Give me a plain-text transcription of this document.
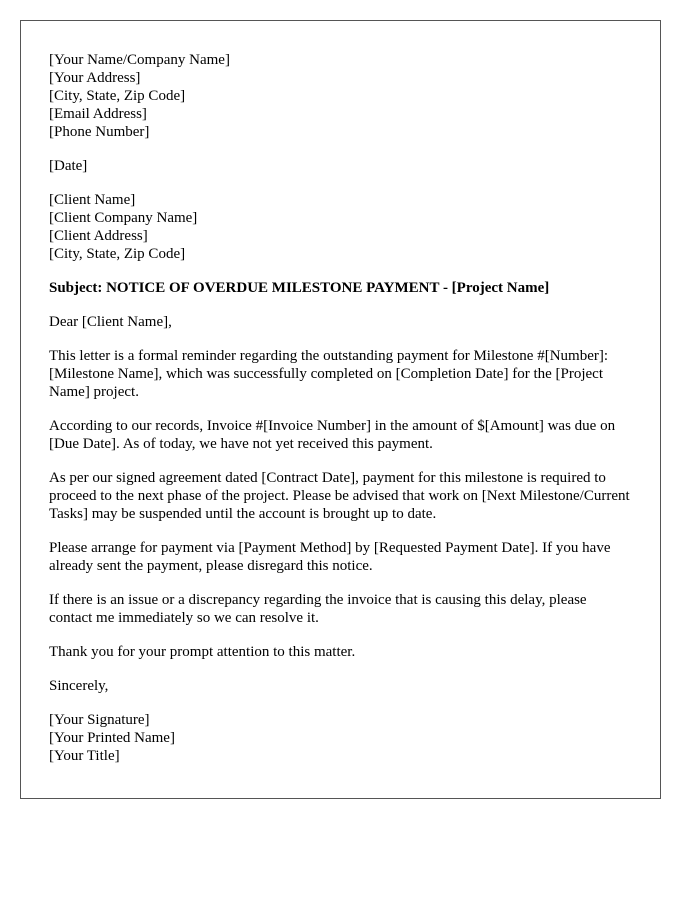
[Your Name/Company Name]
[Your Address]
[City, State, Zip Code]
[Email Address]
[Phone Number]
[Date]
[Client Name]
[Client Company Name]
[Client Address]
[City, State, Zip Code]

Subject: NOTICE OF OVERDUE MILESTONE PAYMENT - [Project Name]

Dear [Client Name],

This letter is a formal reminder regarding the outstanding payment for Milestone #[Number]: [Milestone Name], which was successfully completed on [Completion Date] for the [Project Name] project.

According to our records, Invoice #[Invoice Number] in the amount of $[Amount] was due on [Due Date]. As of today, we have not yet received this payment.

As per our signed agreement dated [Contract Date], payment for this milestone is required to proceed to the next phase of the project. Please be advised that work on [Next Milestone/Current Tasks] may be suspended until the account is brought up to date.

Please arrange for payment via [Payment Method] by [Requested Payment Date]. If you have already sent the payment, please disregard this notice.

If there is an issue or a discrepancy regarding the invoice that is causing this delay, please contact me immediately so we can resolve it.

Thank you for your prompt attention to this matter.

Sincerely,

[Your Signature]
[Your Printed Name]
[Your Title]
